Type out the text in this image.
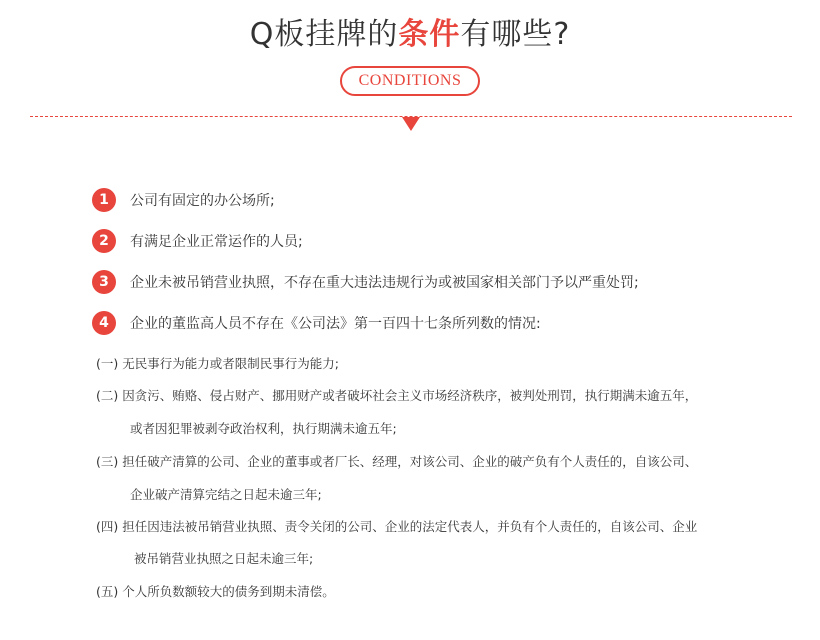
Q板挂牌的条件有哪些?
CONDITIONS
1	公司有固定的办公场所;
2	有满足企业正常运作的人员;
3	企业未被吊销营业执照，不存在重大违法违规行为或被国家相关部门予以严重处罚;
4	企业的董监高人员不存在《公司法》第一百四十七条所列数的情况:
(一) 无民事行为能力或者限制民事行为能力;
(二) 因贪污、贿赂、侵占财产、挪用财产或者破坏社会主义市场经济秩序，被判处刑罚，执行期满未逾五年，
或者因犯罪被剥夺政治权利，执行期满未逾五年;
(三) 担任破产清算的公司、企业的董事或者厂长、经理，对该公司、企业的破产负有个人责任的，自该公司、
企业破产清算完结之日起未逾三年;
(四) 担任因违法被吊销营业执照、责令关闭的公司、企业的法定代表人，并负有个人责任的，自该公司、企业
被吊销营业执照之日起未逾三年;
(五) 个人所负数额较大的债务到期未清偿。
